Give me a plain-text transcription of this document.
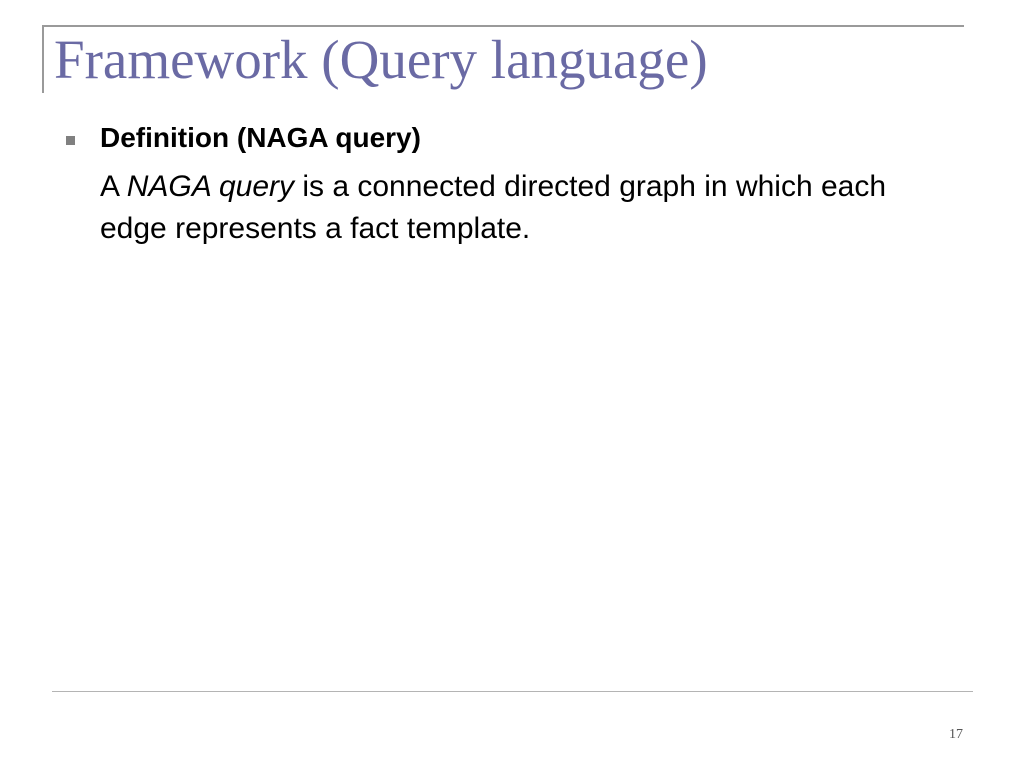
Framework (Query language)
Definition (NAGA query)
A NAGA query is a connected directed graph in which each edge represents a fact template.
17
